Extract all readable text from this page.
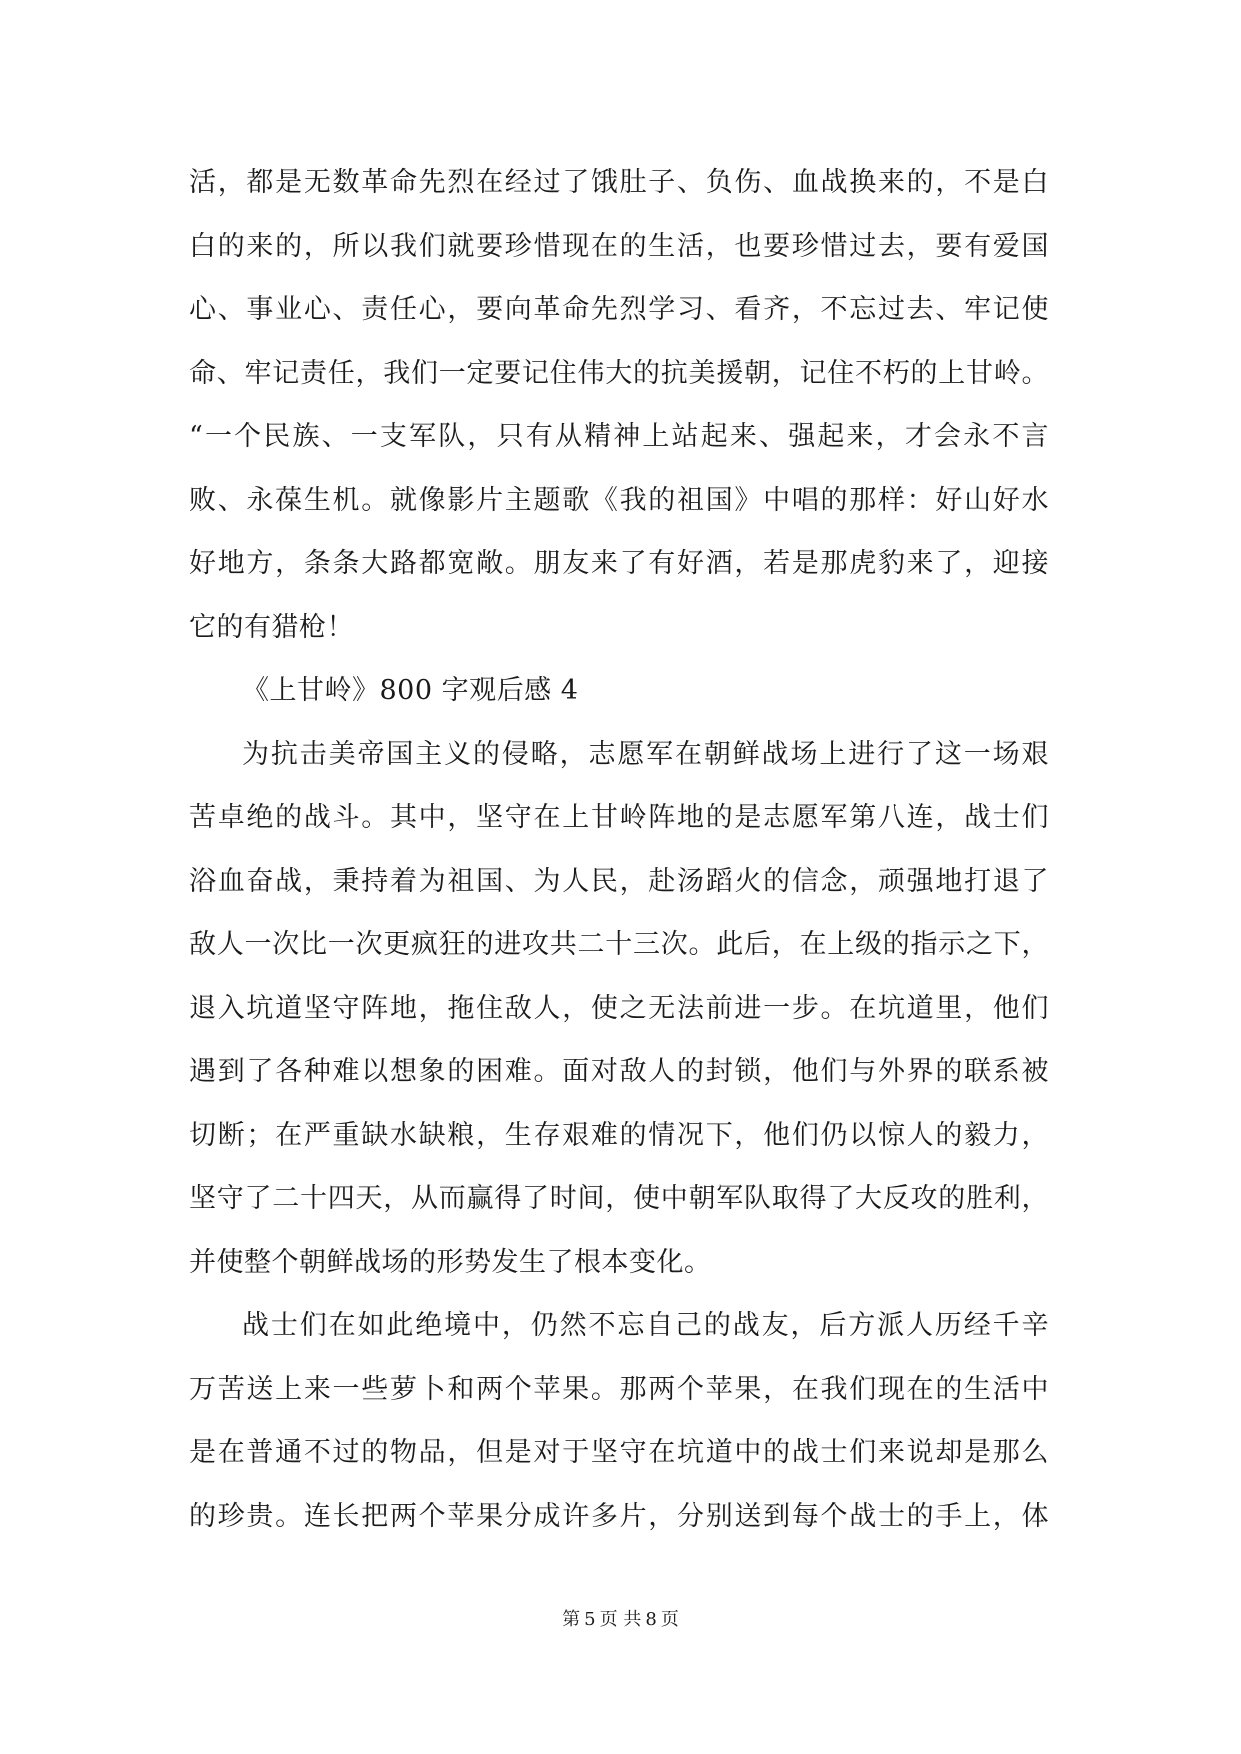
活，都是无数革命先烈在经过了饿肚子、负伤、血战换来的，不是白
白的来的，所以我们就要珍惜现在的生活，也要珍惜过去，要有爱国
心、事业心、责任心，要向革命先烈学习、看齐，不忘过去、牢记使
命、牢记责任，我们一定要记住伟大的抗美援朝，记住不朽的上甘岭。
“一个民族、一支军队，只有从精神上站起来、强起来，才会永不言
败、永葆生机。就像影片主题歌《我的祖国》中唱的那样：好山好水
好地方，条条大路都宽敞。朋友来了有好酒，若是那虎豹来了，迎接
它的有猎枪！
《上甘岭》800 字观后感 4
为抗击美帝国主义的侵略，志愿军在朝鲜战场上进行了这一场艰
苦卓绝的战斗。其中，坚守在上甘岭阵地的是志愿军第八连，战士们
浴血奋战，秉持着为祖国、为人民，赴汤蹈火的信念，顽强地打退了
敌人一次比一次更疯狂的进攻共二十三次。此后，在上级的指示之下，
退入坑道坚守阵地，拖住敌人，使之无法前进一步。在坑道里，他们
遇到了各种难以想象的困难。面对敌人的封锁，他们与外界的联系被
切断；在严重缺水缺粮，生存艰难的情况下，他们仍以惊人的毅力，
坚守了二十四天，从而赢得了时间，使中朝军队取得了大反攻的胜利，
并使整个朝鲜战场的形势发生了根本变化。
战士们在如此绝境中，仍然不忘自己的战友，后方派人历经千辛
万苦送上来一些萝卜和两个苹果。那两个苹果，在我们现在的生活中
是在普通不过的物品，但是对于坚守在坑道中的战士们来说却是那么
的珍贵。连长把两个苹果分成许多片，分别送到每个战士的手上，体
第 5 页 共 8 页
